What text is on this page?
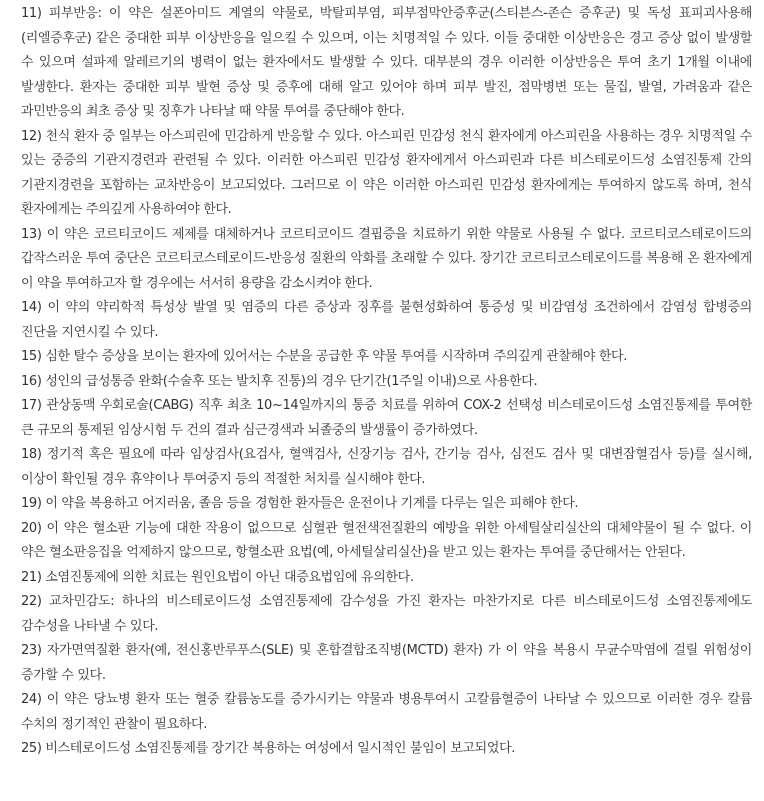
11) 피부반응: 이 약은 설폰아미드 계열의 약물로, 박탈피부염, 피부점막안증후군(스티븐스-존슨 증후군) 및 독성 표피괴사용해(리엘증후군) 같은 중대한 피부 이상반응을 일으킬 수 있으며, 이는 치명적일 수 있다. 이들 중대한 이상반응은 경고 증상 없이 발생할 수 있으며 설파제 알레르기의 병력이 없는 환자에서도 발생할 수 있다. 대부분의 경우 이러한 이상반응은 투여 초기 1개월 이내에 발생한다. 환자는 중대한 피부 발현 증상 및 증후에 대해 알고 있어야 하며 피부 발진, 점막병변 또는 물집, 발열, 가려움과 같은 과민반응의 최초 증상 및 징후가 나타날 때 약물 투여를 중단해야 한다.

12) 천식 환자 중 일부는 아스피린에 민감하게 반응할 수 있다. 아스피린 민감성 천식 환자에게 아스피린을 사용하는 경우 치명적일 수 있는 중증의 기관지경련과 관련될 수 있다. 이러한 아스피린 민감성 환자에게서 아스피린과 다른 비스테로이드성 소염진통제 간의 기관지경련을 포함하는 교차반응이 보고되었다. 그러므로 이 약은 이러한 아스피린 민감성 환자에게는 투여하지 않도록 하며, 천식 환자에게는 주의깊게 사용하여야 한다.

13) 이 약은 코르티코이드 제제를 대체하거나 코르티코이드 결핍증을 치료하기 위한 약물로 사용될 수 없다. 코르티코스테로이드의 갑작스러운 투여 중단은 코르티코스테로이드-반응성 질환의 악화를 초래할 수 있다. 장기간 코르티코스테로이드를 복용해 온 환자에게 이 약을 투여하고자 할 경우에는 서서히 용량을 감소시켜야 한다.

14) 이 약의 약리학적 특성상 발열 및 염증의 다른 증상과 징후를 불현성화하여 통증성 및 비감염성 조건하에서 감염성 합병증의 진단을 지연시킬 수 있다.

15) 심한 탈수 증상을 보이는 환자에 있어서는 수분을 공급한 후 약물 투여를 시작하며 주의깊게 관찰해야 한다.

16) 성인의 급성통증 완화(수술후 또는 발치후 진통)의 경우 단기간(1주일 이내)으로 사용한다.

17) 관상동맥 우회로술(CABG) 직후 최초 10~14일까지의 통증 치료를 위하여 COX-2 선택성 비스테로이드성 소염진통제를 투여한 큰 규모의 통제된 임상시험 두 건의 결과 심근경색과 뇌졸중의 발생률이 증가하였다.

18) 정기적 혹은 필요에 따라 임상검사(요검사, 혈액검사, 신장기능 검사, 간기능 검사, 심전도 검사 및 대변잠혈검사 등)를 실시해, 이상이 확인될 경우 휴약이나 투여중지 등의 적절한 처치를 실시해야 한다.

19) 이 약을 복용하고 어지러움, 졸음 등을 경험한 환자들은 운전이나 기계를 다루는 일은 피해야 한다.

20) 이 약은 혈소판 기능에 대한 작용이 없으므로 심혈관 혈전색전질환의 예방을 위한 아세틸살리실산의 대체약물이 될 수 없다. 이 약은 혈소판응집을 억제하지 않으므로, 항혈소판 요법(예, 아세틸살리실산)을 받고 있는 환자는 투여를 중단해서는 안된다.

21) 소염진통제에 의한 치료는 원인요법이 아닌 대증요법임에 유의한다.

22) 교차민감도: 하나의 비스테로이드성 소염진통제에 감수성을 가진 환자는 마찬가지로 다른 비스테로이드성 소염진통제에도 감수성을 나타낼 수 있다.

23) 자가면역질환 환자(예, 전신홍반루푸스(SLE) 및 혼합결합조직병(MCTD) 환자) 가 이 약을 복용시 무균수막염에 걸릴 위험성이 증가할 수 있다.

24) 이 약은 당뇨병 환자 또는 혈중 칼륨농도를 증가시키는 약물과 병용투여시 고칼륨혈증이 나타날 수 있으므로 이러한 경우 칼륨 수치의 정기적인 관찰이 필요하다.

25) 비스테로이드성 소염진통제를 장기간 복용하는 여성에서 일시적인 불임이 보고되었다.
